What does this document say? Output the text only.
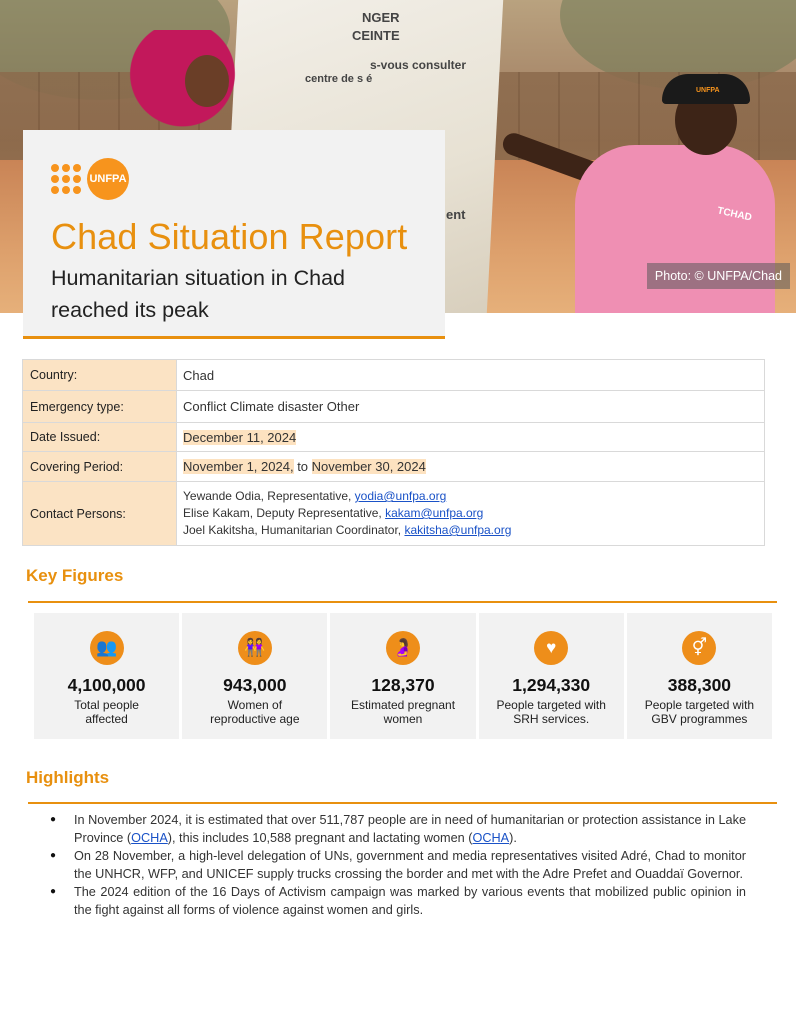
NGER
CEINTE
s-vous consulter
centre de s é
ent	TCHAD
UNFPA
Photo: © UNFPA/Chad
UNFPA
Chad Situation Report
Humanitarian situation in Chad
reached its peak
Country:	Chad
Emergency type:	Conflict Climate disaster Other
Date Issued:	December 11, 2024
Covering Period:	November 1, 2024, to November 30, 2024
Contact Persons:	Yewande Odia, Representative, yodia@unfpa.org
Elise Kakam, Deputy Representative, kakam@unfpa.org
Joel Kakitsha, Humanitarian Coordinator, kakitsha@unfpa.org
Key Figures
👥
4,100,000
Total people
affected
👭
943,000
Women of
reproductive age
🤰
128,370
Estimated pregnant
women
♥
1,294,330
People targeted with
SRH services.
⚥
388,300
People targeted with
GBV programmes
Highlights
● In November 2024, it is estimated that over 511,787 people are in need of humanitarian or protection assistance in Lake Province (OCHA), this includes 10,588 pregnant and lactating women (OCHA).
● On 28 November, a high-level delegation of UNs, government and media representatives visited Adré, Chad to monitor the UNHCR, WFP, and UNICEF supply trucks crossing the border and met with the Adre Prefet and Ouaddaï Governor.
● The 2024 edition of the 16 Days of Activism campaign was marked by various events that mobilized public opinion in the fight against all forms of violence against women and girls.
